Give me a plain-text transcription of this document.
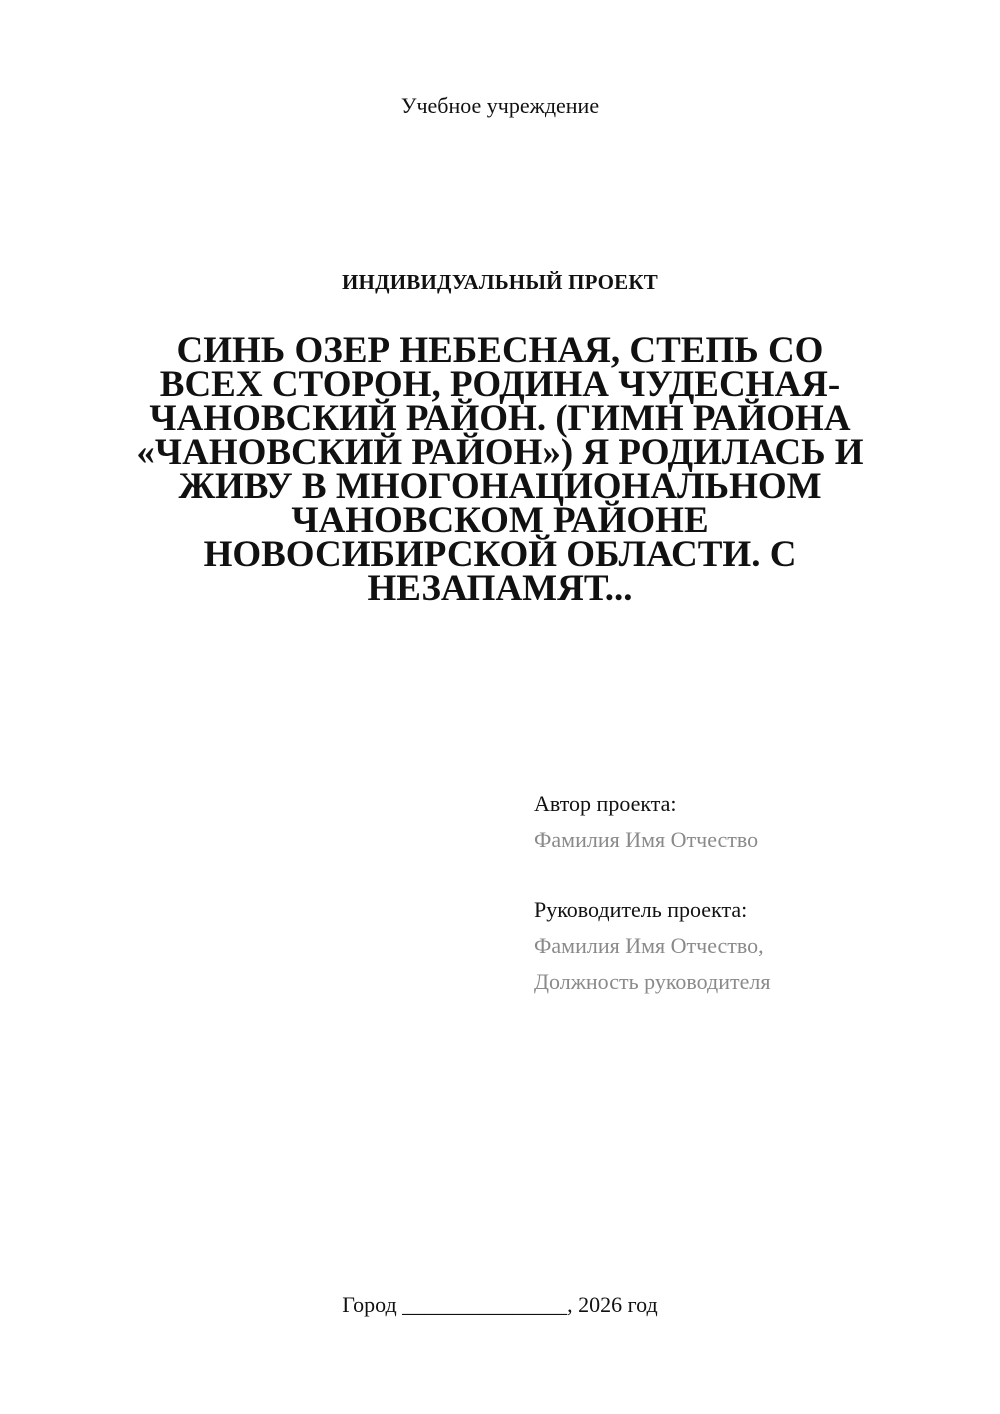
Учебное учреждение
ИНДИВИДУАЛЬНЫЙ ПРОЕКТ
СИНЬ ОЗЕР НЕБЕСНАЯ, СТЕПЬ СО ВСЕХ СТОРОН, РОДИНА ЧУДЕСНАЯ- ЧАНОВСКИЙ РАЙОН. (ГИМН РАЙОНА «ЧАНОВСКИЙ РАЙОН») Я РОДИЛАСЬ И ЖИВУ В МНОГОНАЦИОНАЛЬНОМ ЧАНОВСКОМ РАЙОНЕ НОВОСИБИРСКОЙ ОБЛАСТИ. С НЕЗАПАМЯТ...
Автор проекта:
Фамилия Имя Отчество
Руководитель проекта:
Фамилия Имя Отчество,
Должность руководителя
Город _______________, 2026 год
